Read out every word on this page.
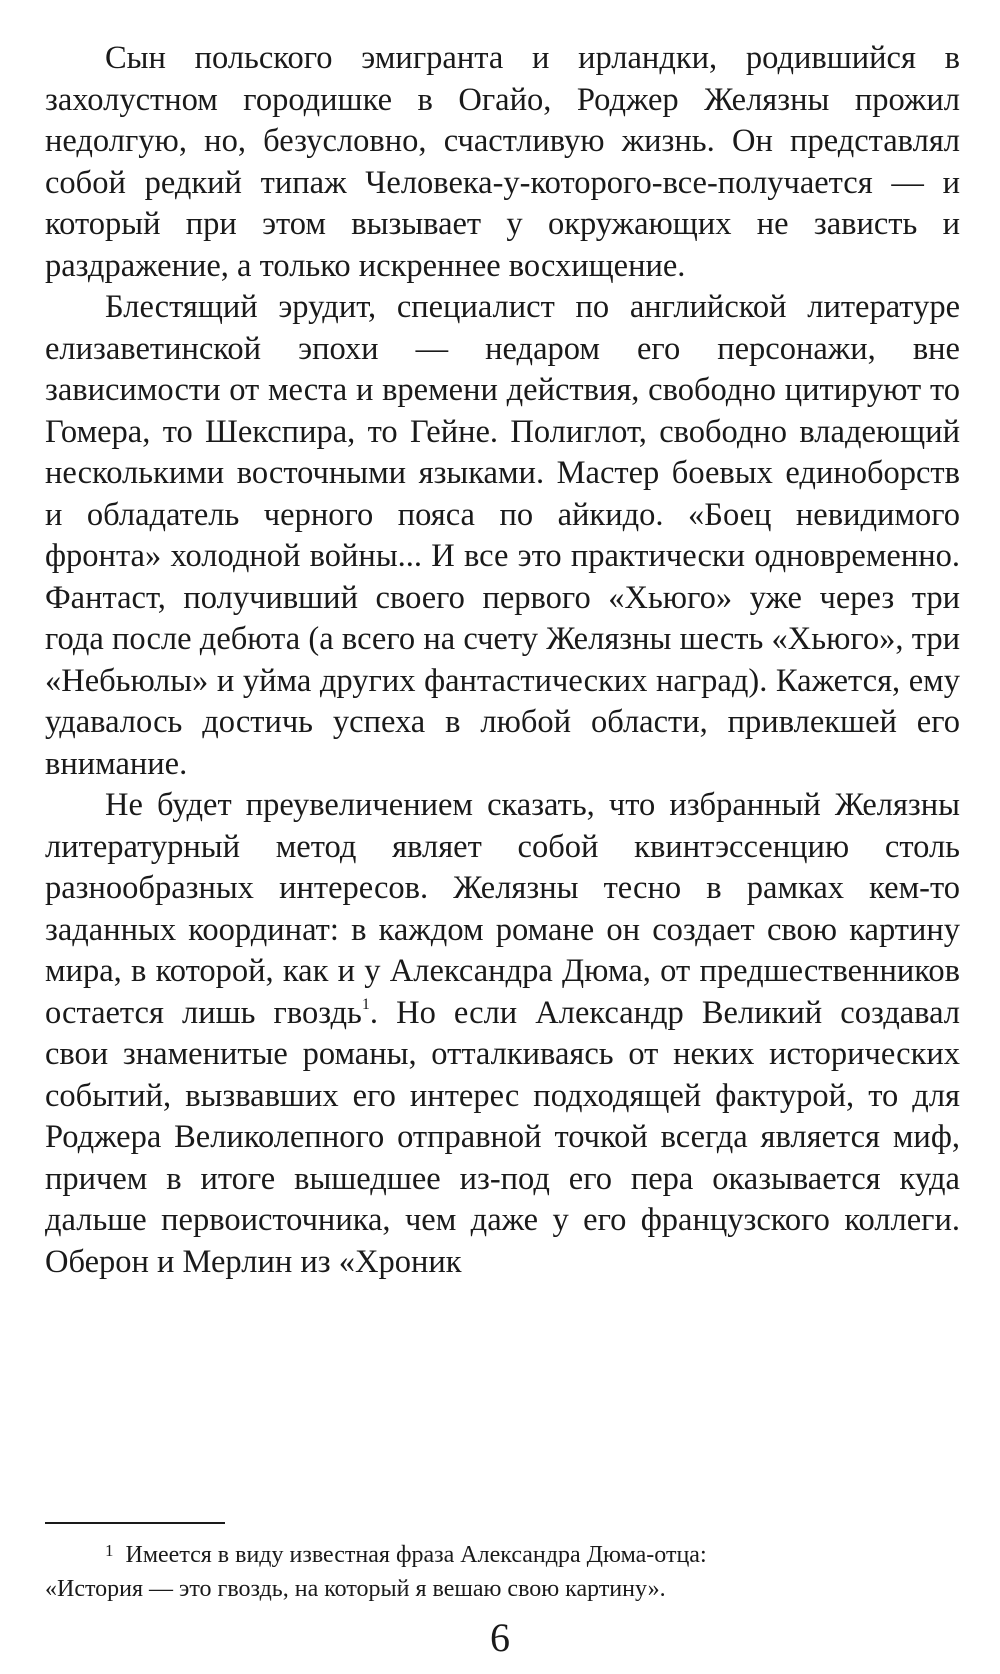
Сын польского эмигранта и ирландки, родившийся в захолустном городишке в Огайо, Роджер Желязны прожил недолгую, но, безусловно, счастливую жизнь. Он представлял собой редкий типаж Человека-у-которого-все-получается — и который при этом вызывает у окружающих не зависть и раздражение, а только искреннее восхищение.

Блестящий эрудит, специалист по английской литературе елизаветинской эпохи — недаром его персонажи, вне зависимости от места и времени действия, свободно цитируют то Гомера, то Шекспира, то Гейне. Полиглот, свободно владеющий несколькими восточными языками. Мастер боевых единоборств и обладатель черного пояса по айкидо. «Боец невидимого фронта» холодной войны... И все это практически одновременно. Фантаст, получивший своего первого «Хьюго» уже через три года после дебюта (а всего на счету Желязны шесть «Хьюго», три «Небьюлы» и уйма других фантастических наград). Кажется, ему удавалось достичь успеха в любой области, привлекшей его внимание.

Не будет преувеличением сказать, что избранный Желязны литературный метод являет собой квинтэссенцию столь разнообразных интересов. Желязны тесно в рамках кем-то заданных координат: в каждом романе он создает свою картину мира, в которой, как и у Александра Дюма, от предшественников остается лишь гвоздь$^1$. Но если Александр Великий создавал свои знаменитые романы, отталкиваясь от неких исторических событий, вызвавших его интерес подходящей фактурой, то для Роджера Великолепного отправной точкой всегда является миф, причем в итоге вышедшее из-под его пера оказывается куда дальше первоисточника, чем даже у его французского коллеги. Оберон и Мерлин из «Хроник

$^1$ Имеется в виду известная фраза Александра Дюма-отца:
«История — это гвоздь, на который я вешаю свою картину».
6
